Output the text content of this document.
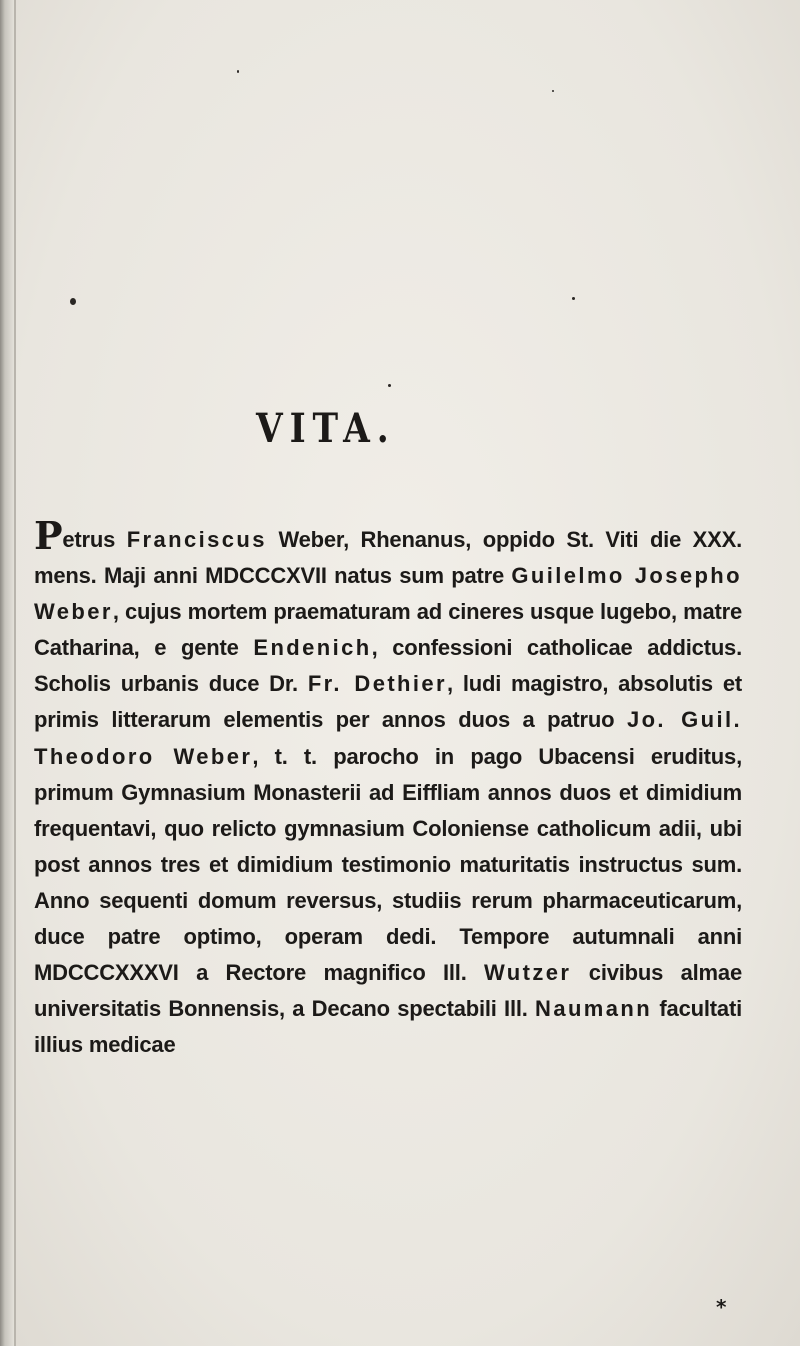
VITA.

Petrus Franciscus Weber, Rhenanus, oppido St. Viti die XXX. mens. Maji anni MDCCCXVII natus sum patre Guilelmo Josepho Weber, cujus mortem praematuram ad cineres usque lugebo, matre Catharina, e gente Endenich, confessioni catholicae addictus. Scholis urbanis duce Dr. Fr. Dethier, ludi magistro, absolutis et primis litterarum elementis per annos duos a patruo Jo. Guil. Theodoro Weber, t. t. parocho in pago Ubacensi eruditus, primum Gymnasium Monasterii ad Eiffliam annos duos et dimidium frequentavi, quo relicto gymnasium Coloniense catholicum adii, ubi post annos tres et dimidium testimonio maturitatis instructus sum. Anno sequenti domum reversus, studiis rerum pharmaceuticarum, duce patre optimo, operam dedi. Tempore autumnali anni MDCCCXXXVI a Rectore magnifico Ill. Wutzer civibus almae universitatis Bonnensis, a Decano spectabili Ill. Naumann facultati illius medicae

*
